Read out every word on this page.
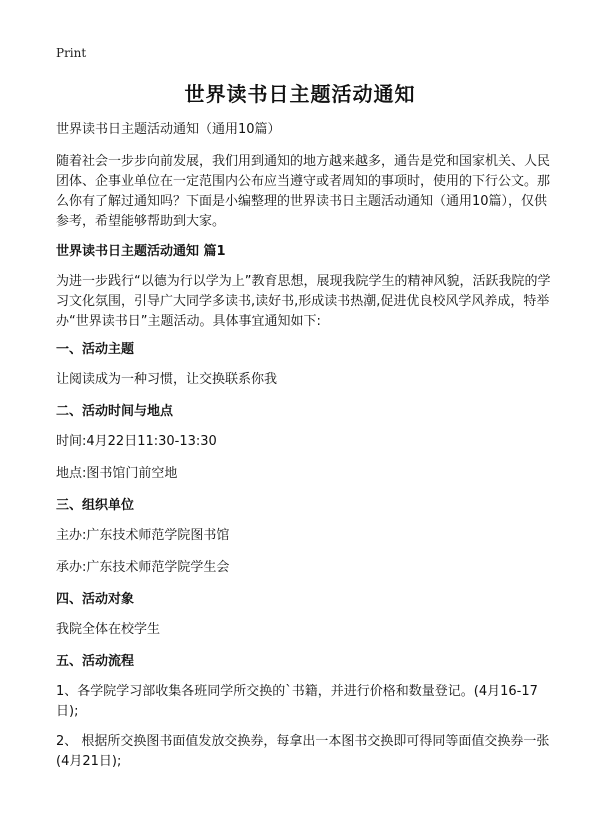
Print
世界读书日主题活动通知

世界读书日主题活动通知（通用10篇）

随着社会一步步向前发展，我们用到通知的地方越来越多，通告是党和国家机关、人民团体、企事业单位在一定范围内公布应当遵守或者周知的事项时，使用的下行公文。那么你有了解过通知吗？下面是小编整理的世界读书日主题活动通知（通用10篇），仅供参考，希望能够帮助到大家。

世界读书日主题活动通知 篇1

为进一步践行“以德为行以学为上”教育思想，展现我院学生的精神风貌，活跃我院的学习文化氛围，引导广大同学多读书,读好书,形成读书热潮,促进优良校风学风养成，特举办“世界读书日”主题活动。具体事宜通知如下:

一、活动主题

让阅读成为一种习惯，让交换联系你我

二、活动时间与地点

时间:4月22日11:30-13:30

地点:图书馆门前空地

三、组织单位

主办:广东技术师范学院图书馆

承办:广东技术师范学院学生会

四、活动对象

我院全体在校学生

五、活动流程

1、各学院学习部收集各班同学所交换的`书籍，并进行价格和数量登记。(4月16-17日);

2、 根据所交换图书面值发放交换券，每拿出一本图书交换即可得同等面值交换券一张(4月21日);
